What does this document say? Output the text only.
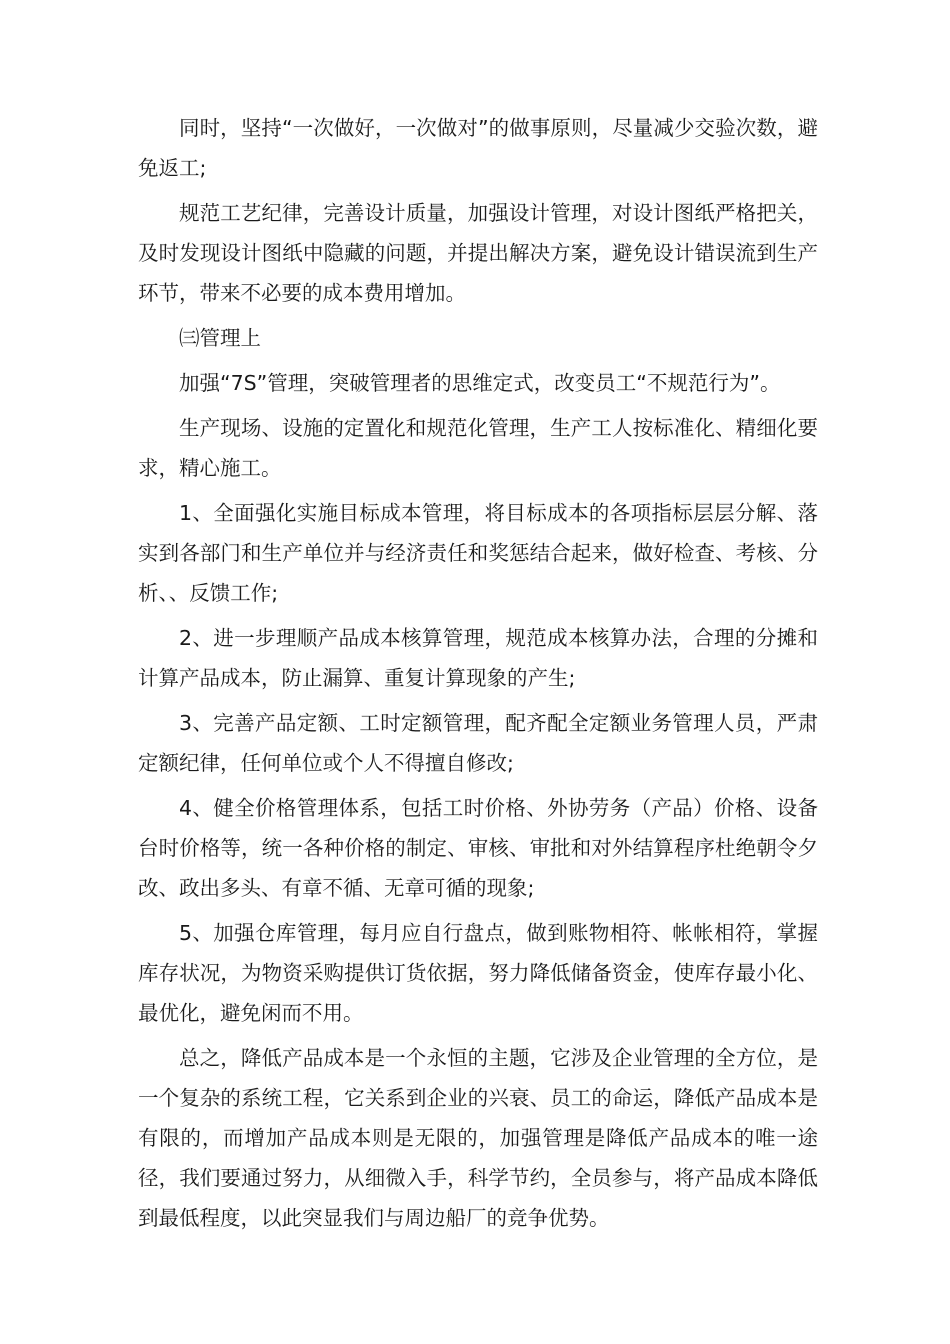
同时，坚持“一次做好，一次做对”的做事原则，尽量减少交验次数，避免返工;

规范工艺纪律，完善设计质量，加强设计管理，对设计图纸严格把关，及时发现设计图纸中隐藏的问题，并提出解决方案，避免设计错误流到生产环节，带来不必要的成本费用增加。

㈢管理上

加强“7S”管理，突破管理者的思维定式，改变员工“不规范行为”。

生产现场、设施的定置化和规范化管理，生产工人按标准化、精细化要求，精心施工。

1、全面强化实施目标成本管理，将目标成本的各项指标层层分解、落实到各部门和生产单位并与经济责任和奖惩结合起来，做好检查、考核、分析、、反馈工作;

2、进一步理顺产品成本核算管理，规范成本核算办法，合理的分摊和计算产品成本，防止漏算、重复计算现象的产生;

3、完善产品定额、工时定额管理，配齐配全定额业务管理人员，严肃定额纪律，任何单位或个人不得擅自修改;

4、健全价格管理体系，包括工时价格、外协劳务（产品）价格、设备台时价格等，统一各种价格的制定、审核、审批和对外结算程序杜绝朝令夕改、政出多头、有章不循、无章可循的现象;

5、加强仓库管理，每月应自行盘点，做到账物相符、帐帐相符，掌握库存状况，为物资采购提供订货依据，努力降低储备资金，使库存最小化、最优化，避免闲而不用。

总之，降低产品成本是一个永恒的主题，它涉及企业管理的全方位，是一个复杂的系统工程，它关系到企业的兴衰、员工的命运，降低产品成本是有限的，而增加产品成本则是无限的，加强管理是降低产品成本的唯一途径，我们要通过努力，从细微入手，科学节约，全员参与，将产品成本降低到最低程度，以此突显我们与周边船厂的竞争优势。
